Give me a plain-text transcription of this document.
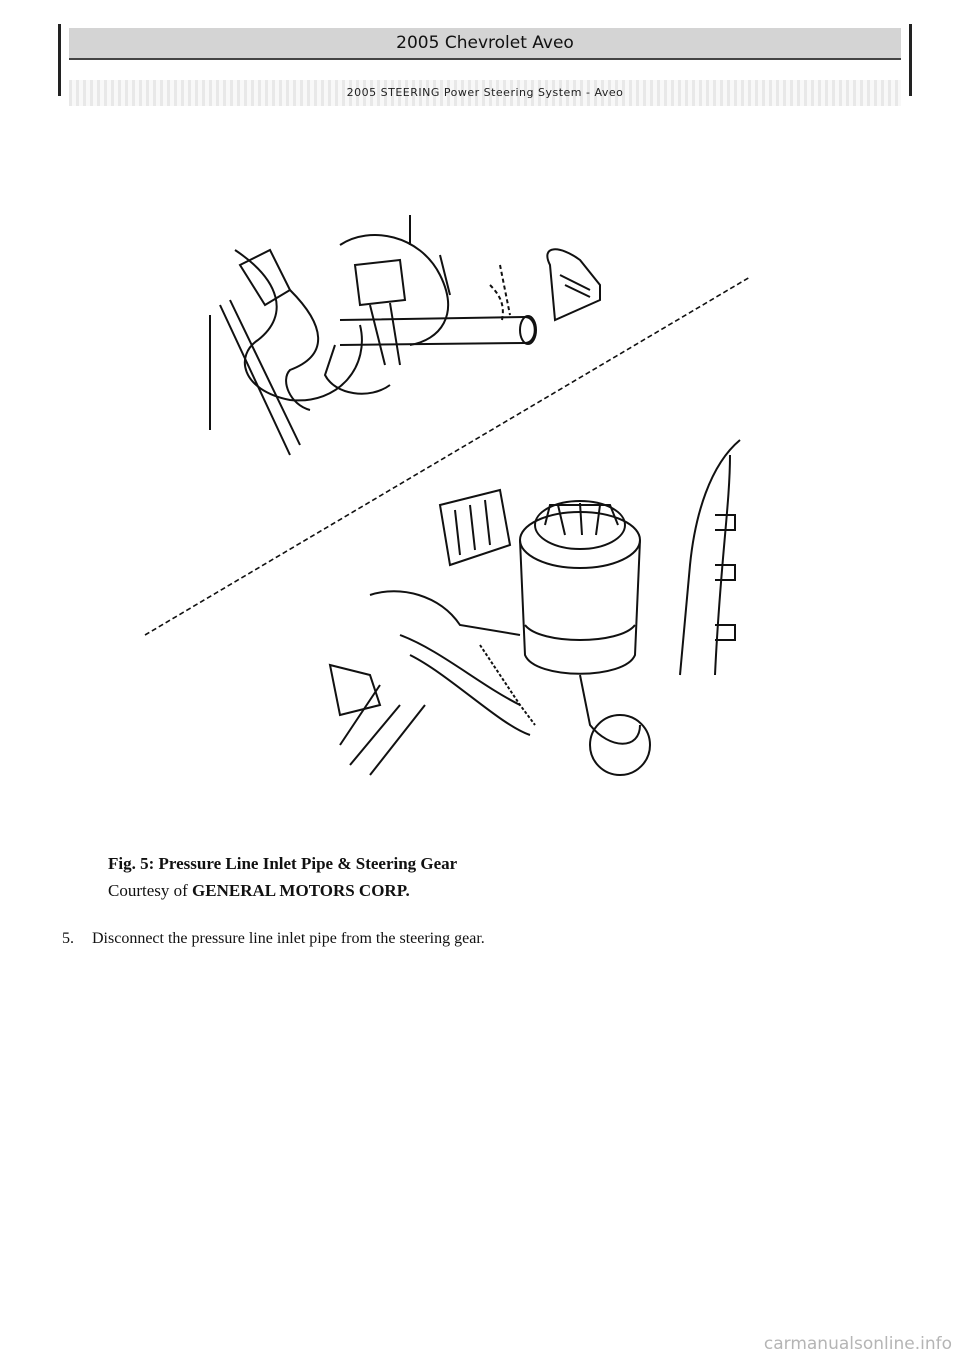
2005 Chevrolet Aveo
2005 STEERING Power Steering System - Aveo
Fig. 5: Pressure Line Inlet Pipe & Steering Gear
Courtesy of GENERAL MOTORS CORP.
5. Disconnect the pressure line inlet pipe from the steering gear.
carmanualsonline.info
